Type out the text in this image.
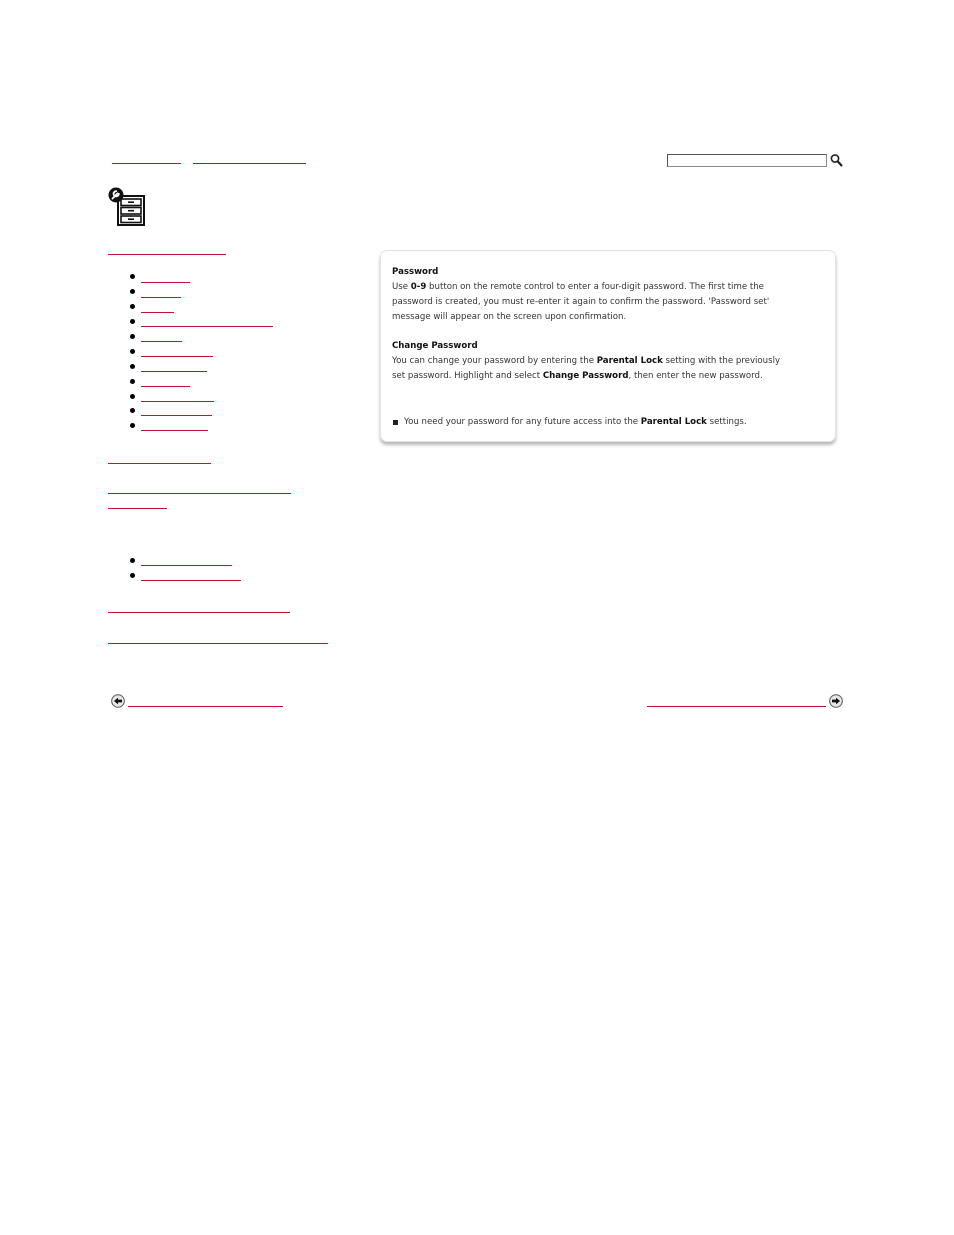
Password
Use 0-9 button on the remote control to enter a four-digit password. The first time the
password is created, you must re-enter it again to confirm the password. 'Password set'
message will appear on the screen upon confirmation.
Change Password
You can change your password by entering the Parental Lock setting with the previously
set password. Highlight and select Change Password, then enter the new password.
You need your password for any future access into the Parental Lock settings.
